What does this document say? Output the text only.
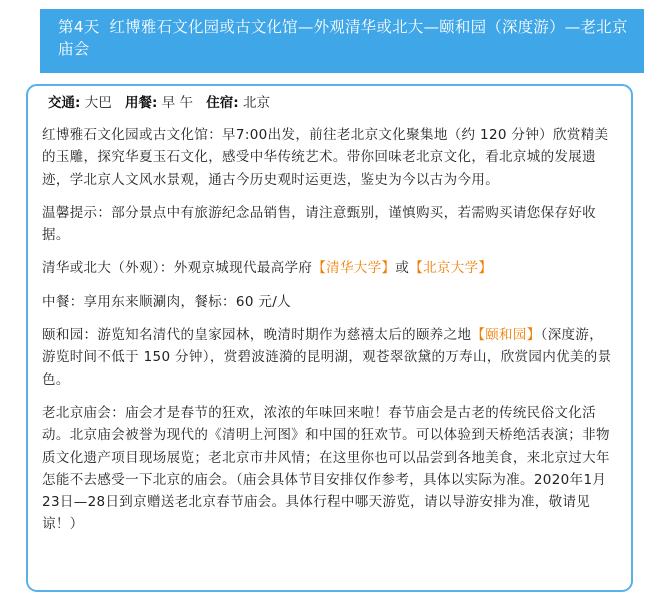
第4天 红博雅石文化园或古文化馆—外观清华或北大—颐和园（深度游）—老北京庙会
交通: 大巴 用餐: 早 午 住宿: 北京

红博雅石文化园或古文化馆：早7:00出发，前往老北京文化聚集地（约 120 分钟）欣赏精美的玉雕，探究华夏玉石文化，感受中华传统艺术。带你回味老北京文化，看北京城的发展遗迹，学北京人文风水景观，通古今历史观时运更迭，鉴史为今以古为今用。

温馨提示：部分景点中有旅游纪念品销售，请注意甄别，谨慎购买，若需购买请您保存好收据。

清华或北大（外观）：外观京城现代最高学府【清华大学】或【北京大学】

中餐：享用东来顺涮肉，餐标：60 元/人

颐和园：游览知名清代的皇家园林，晚清时期作为慈禧太后的颐养之地【颐和园】（深度游，游览时间不低于 150 分钟），赏碧波涟漪的昆明湖，观苍翠欲黛的万寿山，欣赏园内优美的景色。

老北京庙会：庙会才是春节的狂欢，浓浓的年味回来啦！春节庙会是古老的传统民俗文化活动。北京庙会被誉为现代的《清明上河图》和中国的狂欢节。可以体验到天桥绝活表演；非物质文化遗产项目现场展览；老北京市井风情；在这里你也可以品尝到各地美食，来北京过大年怎能不去感受一下北京的庙会。（庙会具体节目安排仅作参考，具体以实际为准。2020年1月23日—28日到京赠送老北京春节庙会。具体行程中哪天游览，请以导游安排为准，敬请见谅！）
